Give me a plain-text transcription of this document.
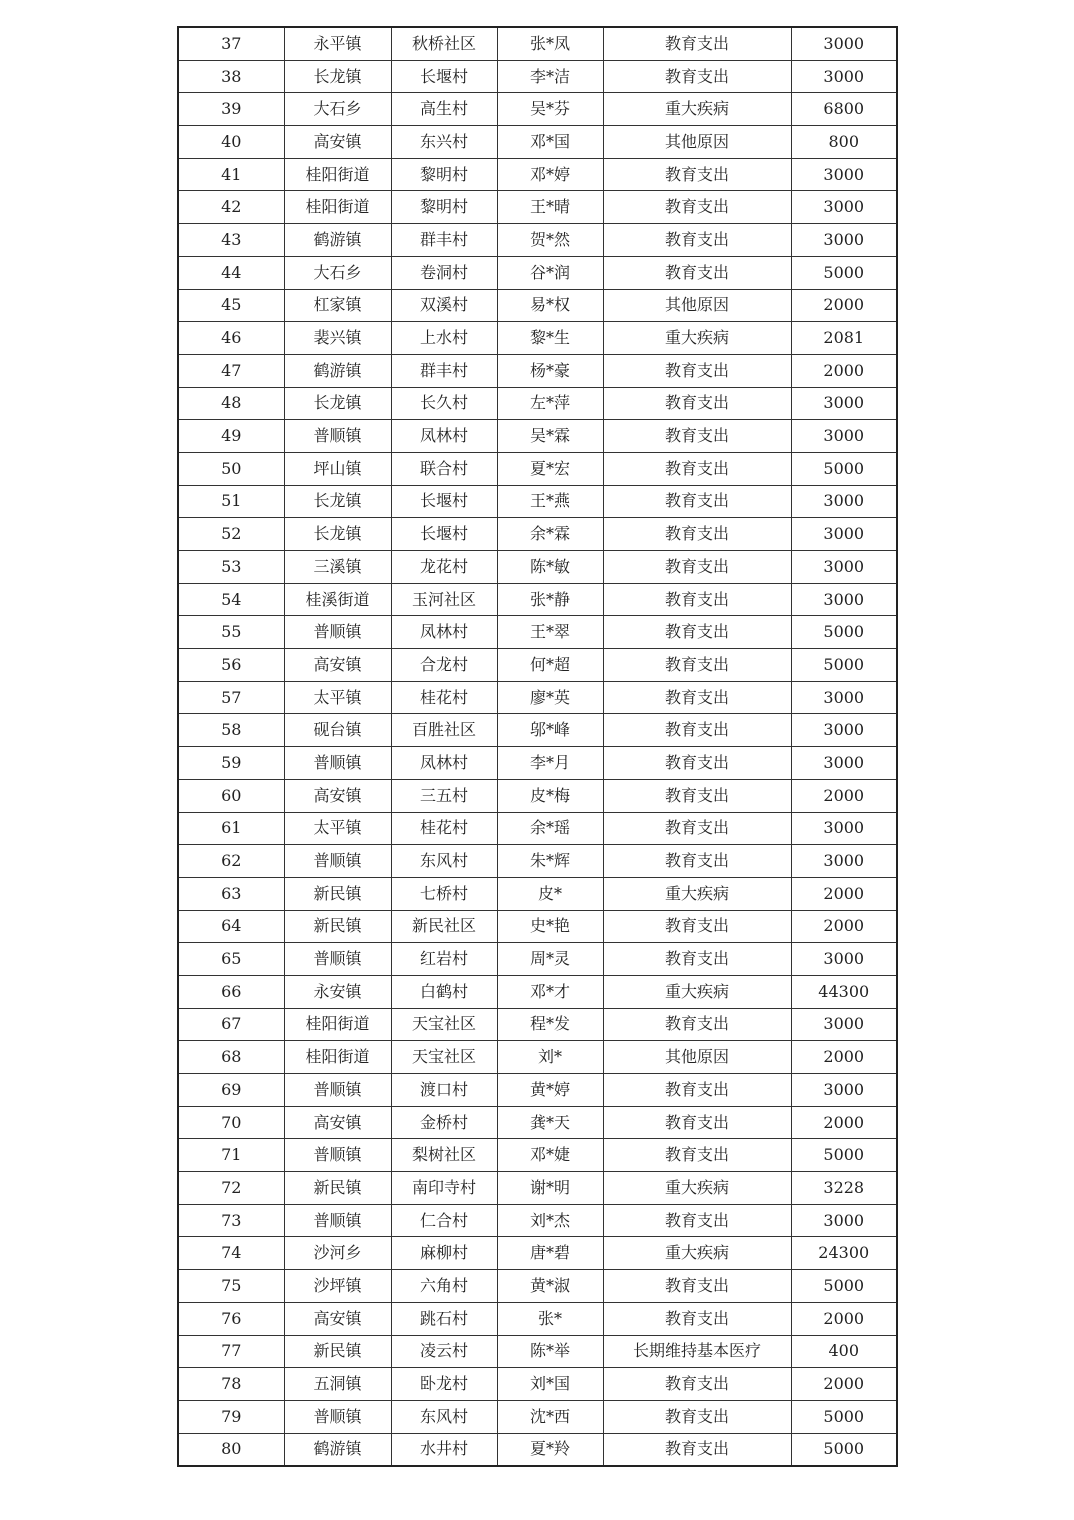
37	永平镇	秋桥社区	张*凤	教育支出	3000
38	长龙镇	长堰村	李*洁	教育支出	3000
39	大石乡	高生村	吴*芬	重大疾病	6800
40	高安镇	东兴村	邓*国	其他原因	800
41	桂阳街道	黎明村	邓*婷	教育支出	3000
42	桂阳街道	黎明村	王*晴	教育支出	3000
43	鹤游镇	群丰村	贺*然	教育支出	3000
44	大石乡	卷洞村	谷*润	教育支出	5000
45	杠家镇	双溪村	易*权	其他原因	2000
46	裴兴镇	上水村	黎*生	重大疾病	2081
47	鹤游镇	群丰村	杨*豪	教育支出	2000
48	长龙镇	长久村	左*萍	教育支出	3000
49	普顺镇	凤林村	吴*霖	教育支出	3000
50	坪山镇	联合村	夏*宏	教育支出	5000
51	长龙镇	长堰村	王*燕	教育支出	3000
52	长龙镇	长堰村	余*霖	教育支出	3000
53	三溪镇	龙花村	陈*敏	教育支出	3000
54	桂溪街道	玉河社区	张*静	教育支出	3000
55	普顺镇	凤林村	王*翠	教育支出	5000
56	高安镇	合龙村	何*超	教育支出	5000
57	太平镇	桂花村	廖*英	教育支出	3000
58	砚台镇	百胜社区	邬*峰	教育支出	3000
59	普顺镇	凤林村	李*月	教育支出	3000
60	高安镇	三五村	皮*梅	教育支出	2000
61	太平镇	桂花村	余*瑶	教育支出	3000
62	普顺镇	东风村	朱*辉	教育支出	3000
63	新民镇	七桥村	皮*	重大疾病	2000
64	新民镇	新民社区	史*艳	教育支出	2000
65	普顺镇	红岩村	周*灵	教育支出	3000
66	永安镇	白鹤村	邓*才	重大疾病	44300
67	桂阳街道	天宝社区	程*发	教育支出	3000
68	桂阳街道	天宝社区	刘*	其他原因	2000
69	普顺镇	渡口村	黄*婷	教育支出	3000
70	高安镇	金桥村	龚*天	教育支出	2000
71	普顺镇	梨树社区	邓*婕	教育支出	5000
72	新民镇	南印寺村	谢*明	重大疾病	3228
73	普顺镇	仁合村	刘*杰	教育支出	3000
74	沙河乡	麻柳村	唐*碧	重大疾病	24300
75	沙坪镇	六角村	黄*淑	教育支出	5000
76	高安镇	跳石村	张*	教育支出	2000
77	新民镇	凌云村	陈*举	长期维持基本医疗	400
78	五洞镇	卧龙村	刘*国	教育支出	2000
79	普顺镇	东风村	沈*西	教育支出	5000
80	鹤游镇	水井村	夏*羚	教育支出	5000
